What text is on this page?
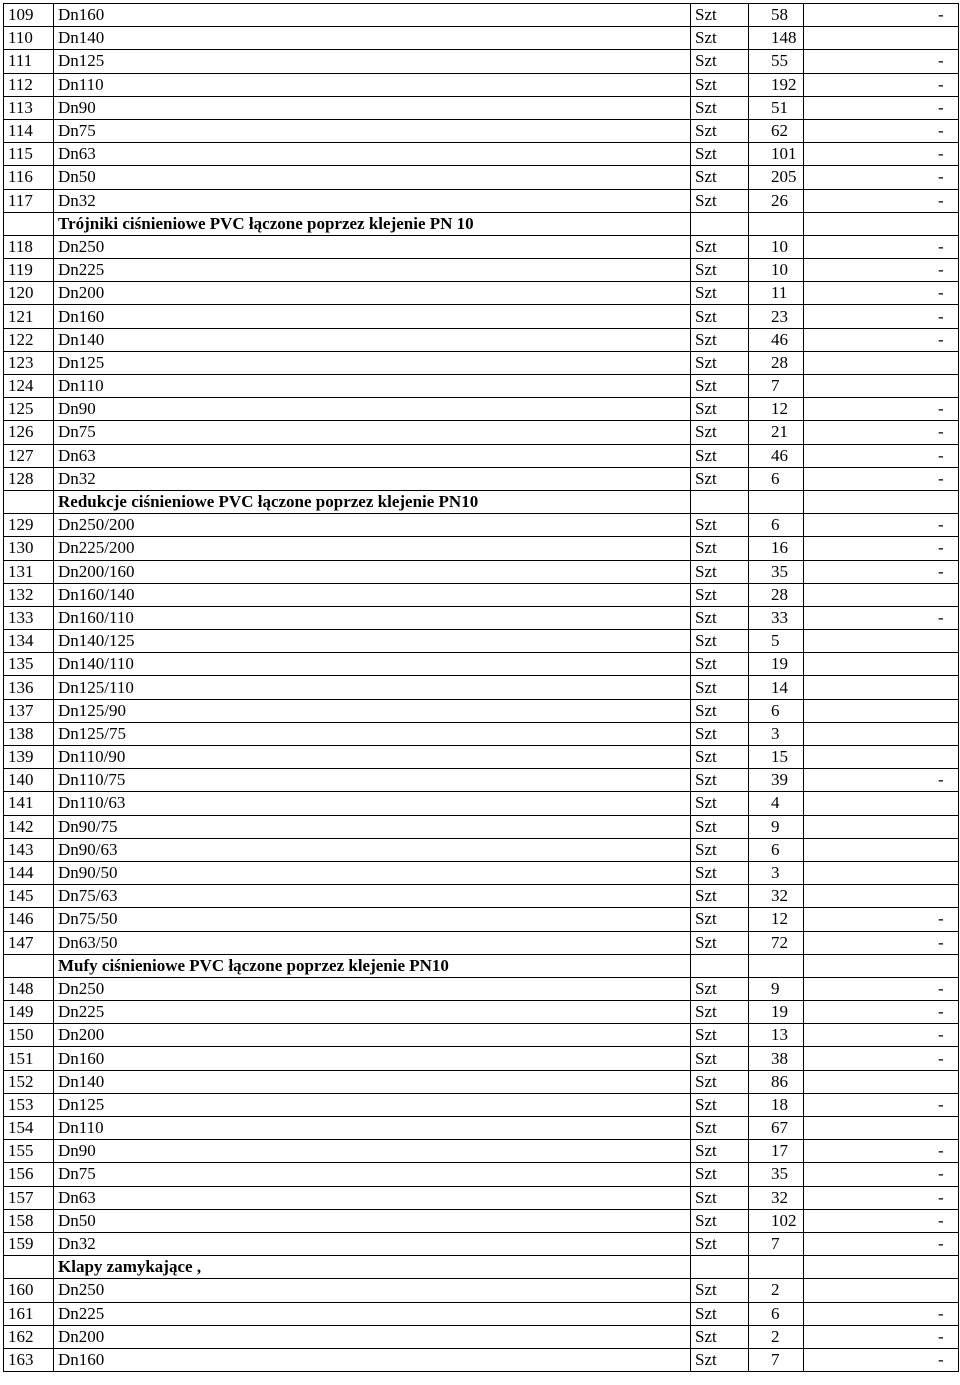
109	Dn160	Szt	58	-
110	Dn140	Szt	148	
111	Dn125	Szt	55	-
112	Dn110	Szt	192	-
113	Dn90	Szt	51	-
114	Dn75	Szt	62	-
115	Dn63	Szt	101	-
116	Dn50	Szt	205	-
117	Dn32	Szt	26	-
	Trójniki ciśnieniowe PVC łączone poprzez klejenie PN 10			
118	Dn250	Szt	10	-
119	Dn225	Szt	10	-
120	Dn200	Szt	11	-
121	Dn160	Szt	23	-
122	Dn140	Szt	46	-
123	Dn125	Szt	28	
124	Dn110	Szt	7	
125	Dn90	Szt	12	-
126	Dn75	Szt	21	-
127	Dn63	Szt	46	-
128	Dn32	Szt	6	-
	Redukcje ciśnieniowe PVC łączone poprzez klejenie PN10			
129	Dn250/200	Szt	6	-
130	Dn225/200	Szt	16	-
131	Dn200/160	Szt	35	-
132	Dn160/140	Szt	28	
133	Dn160/110	Szt	33	-
134	Dn140/125	Szt	5	
135	Dn140/110	Szt	19	
136	Dn125/110	Szt	14	
137	Dn125/90	Szt	6	
138	Dn125/75	Szt	3	
139	Dn110/90	Szt	15	
140	Dn110/75	Szt	39	-
141	Dn110/63	Szt	4	
142	Dn90/75	Szt	9	
143	Dn90/63	Szt	6	
144	Dn90/50	Szt	3	
145	Dn75/63	Szt	32	
146	Dn75/50	Szt	12	-
147	Dn63/50	Szt	72	-
	Mufy ciśnieniowe PVC łączone poprzez klejenie PN10			
148	Dn250	Szt	9	-
149	Dn225	Szt	19	-
150	Dn200	Szt	13	-
151	Dn160	Szt	38	-
152	Dn140	Szt	86	
153	Dn125	Szt	18	-
154	Dn110	Szt	67	
155	Dn90	Szt	17	-
156	Dn75	Szt	35	-
157	Dn63	Szt	32	-
158	Dn50	Szt	102	-
159	Dn32	Szt	7	-
	Klapy zamykające ,			
160	Dn250	Szt	2	
161	Dn225	Szt	6	-
162	Dn200	Szt	2	-
163	Dn160	Szt	7	-
